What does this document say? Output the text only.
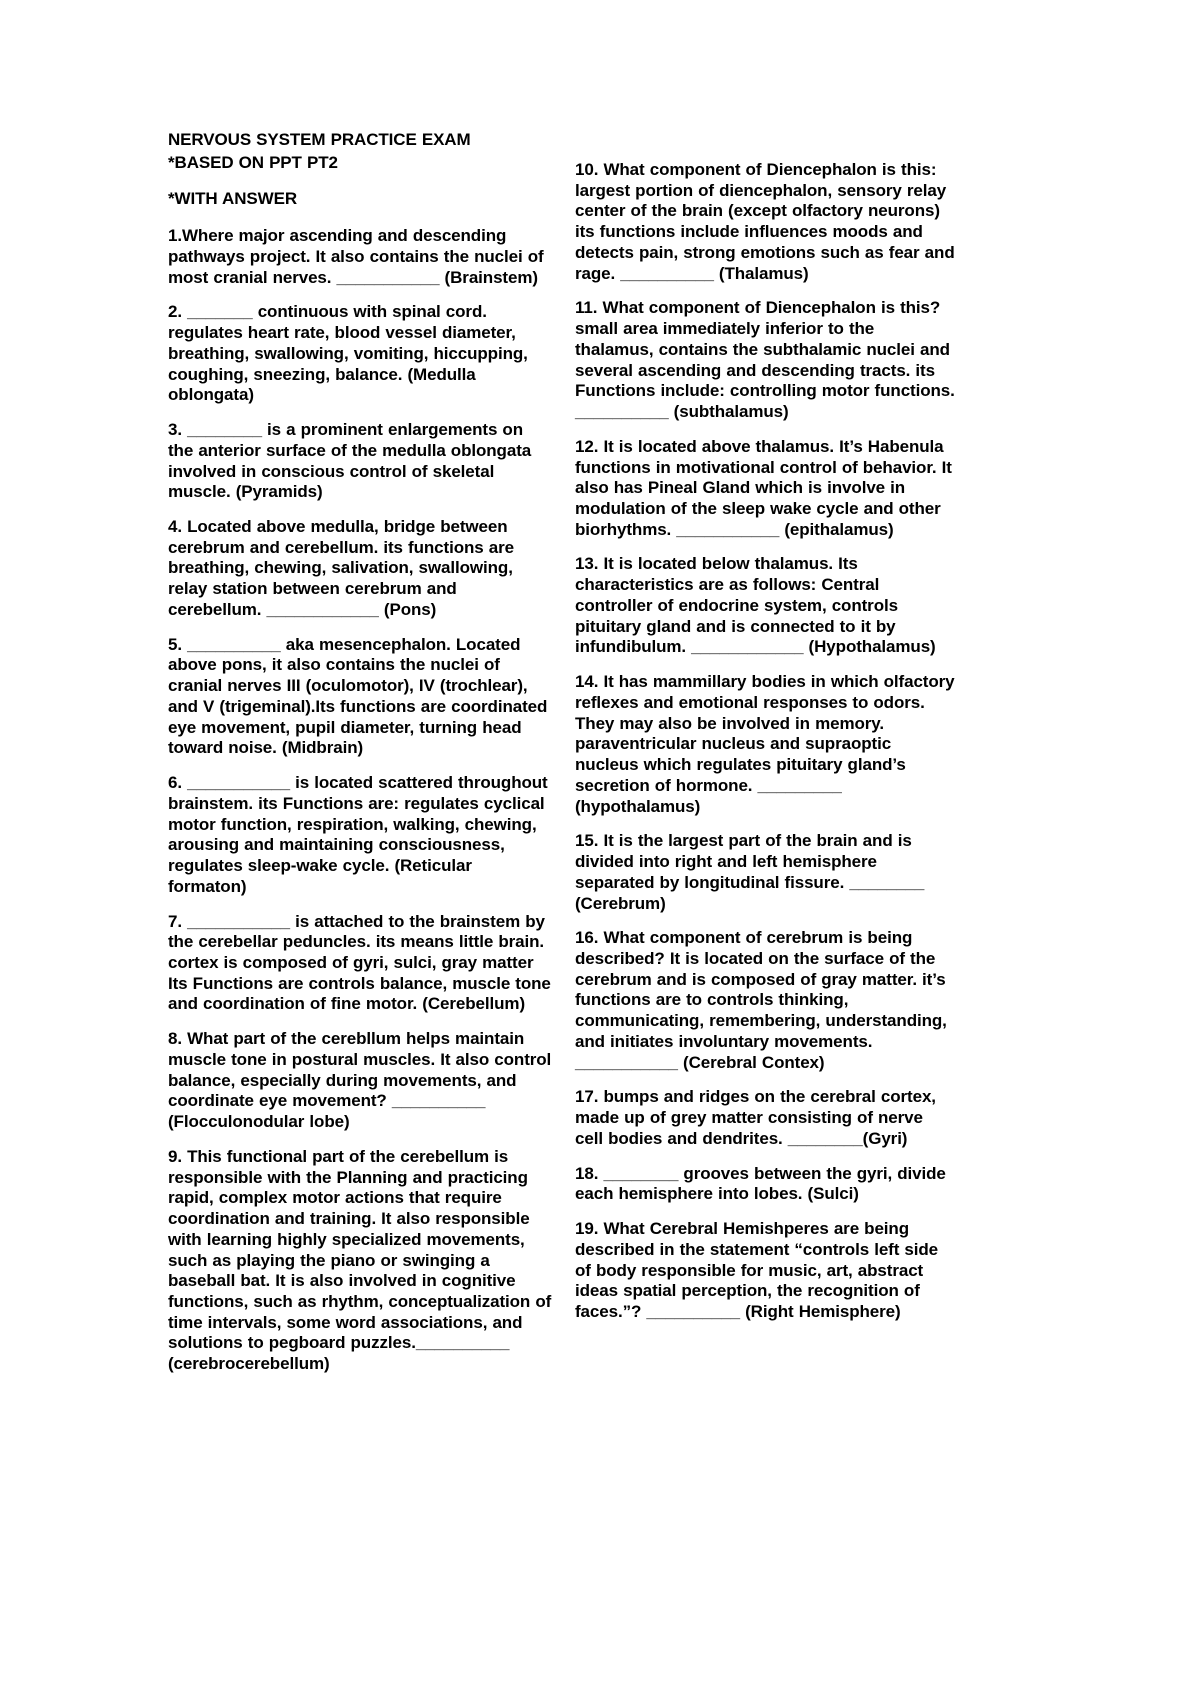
NERVOUS SYSTEM PRACTICE EXAM

*BASED ON PPT PT2

*WITH ANSWER

1.Where major ascending and descending pathways project. It also contains the nuclei of most cranial nerves. ___________ (Brainstem)

2. _______ continuous with spinal cord. regulates heart rate, blood vessel diameter, breathing, swallowing, vomiting, hiccupping, coughing, sneezing, balance. (Medulla oblongata)

3. ________ is a prominent enlargements on the anterior surface of the medulla oblongata involved in conscious control of skeletal muscle. (Pyramids)

4. Located above medulla, bridge between cerebrum and cerebellum. its functions are breathing, chewing, salivation, swallowing, relay station between cerebrum and cerebellum. ____________ (Pons)

5. __________ aka mesencephalon. Located above pons, it also contains the nuclei of cranial nerves III (oculomotor), IV (trochlear), and V (trigeminal).Its functions are coordinated eye movement, pupil diameter, turning head toward noise. (Midbrain)

6. ___________ is located scattered throughout brainstem. its Functions are: regulates cyclical motor function, respiration, walking, chewing, arousing and maintaining consciousness, regulates sleep-wake cycle. (Reticular formaton)

7. ___________ is attached to the brainstem by the cerebellar peduncles. its means little brain. cortex is composed of gyri, sulci, gray matter Its Functions are controls balance, muscle tone and coordination of fine motor. (Cerebellum)

8. What part of the cerebllum helps maintain muscle tone in postural muscles. It also control balance, especially during movements, and coordinate eye movement? __________ (Flocculonodular lobe)

9. This functional part of the cerebellum is responsible with the Planning and practicing rapid, complex motor actions that require coordination and training. It also responsible with learning highly specialized movements, such as playing the piano or swinging a baseball bat. It is also involved in cognitive functions, such as rhythm, conceptualization of time intervals, some word associations, and solutions to pegboard puzzles.__________ (cerebrocerebellum)

10. What component of Diencephalon is this: largest portion of diencephalon, sensory relay center of the brain (except olfactory neurons) its functions include influences moods and detects pain, strong emotions such as fear and rage. __________ (Thalamus)

11. What component of Diencephalon is this? small area immediately inferior to the thalamus, contains the subthalamic nuclei and several ascending and descending tracts. its Functions include: controlling motor functions. __________ (subthalamus)

12. It is located above thalamus. It’s Habenula functions in motivational control of behavior. It also has Pineal Gland which is involve in modulation of the sleep wake cycle and other biorhythms. ___________ (epithalamus)

13. It is located below thalamus. Its characteristics are as follows: Central controller of endocrine system, controls pituitary gland and is connected to it by infundibulum. ____________ (Hypothalamus)

14. It has mammillary bodies in which olfactory reflexes and emotional responses to odors. They may also be involved in memory. paraventricular nucleus and supraoptic nucleus which regulates pituitary gland’s secretion of hormone. _________ (hypothalamus)

15. It is the largest part of the brain and is divided into right and left hemisphere separated by longitudinal fissure. ________ (Cerebrum)

16. What component of cerebrum is being described? It is located on the surface of the cerebrum and is composed of gray matter. it’s functions are to controls thinking, communicating, remembering, understanding, and initiates involuntary movements. ___________ (Cerebral Contex)

17. bumps and ridges on the cerebral cortex, made up of grey matter consisting of nerve cell bodies and dendrites. ________(Gyri)

18. ________ grooves between the gyri, divide each hemisphere into lobes. (Sulci)

19. What Cerebral Hemishperes are being described in the statement “controls left side of body responsible for music, art, abstract ideas spatial perception, the recognition of faces.”? __________ (Right Hemisphere)
